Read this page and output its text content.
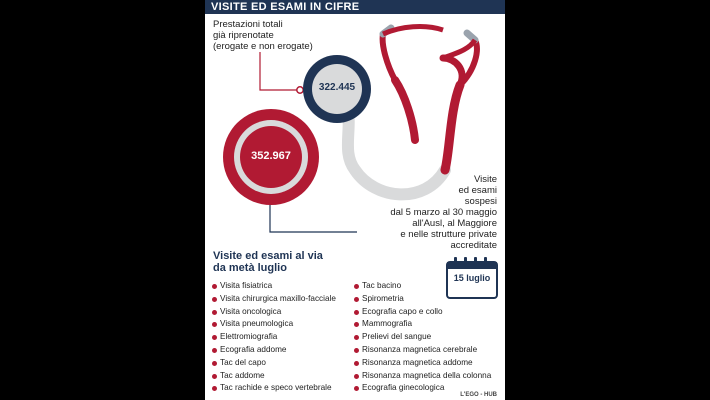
VISITE ED ESAMI IN CIFRE
Prestazioni totali
già riprenotate
(erogate e non erogate)
322.445
352.967
Visite
ed esami
sospesi
dal 5 marzo al 30 maggio
all'Ausl, al Maggiore
e nelle strutture private
accreditate
Visite ed esami al via
da metà luglio
15 luglio
Visita fisiatrica
Visita chirurgica maxillo-facciale
Visita oncologica
Visita pneumologica
Elettromiografia
Ecografia addome
Tac del capo
Tac addome
Tac rachide e speco vertebrale
Tac bacino
Spirometria
Ecografia capo e collo
Mammografia
Prelievi del sangue
Risonanza magnetica cerebrale
Risonanza magnetica addome
Risonanza magnetica della colonna
Ecografia ginecologica
L'EGO - HUB
